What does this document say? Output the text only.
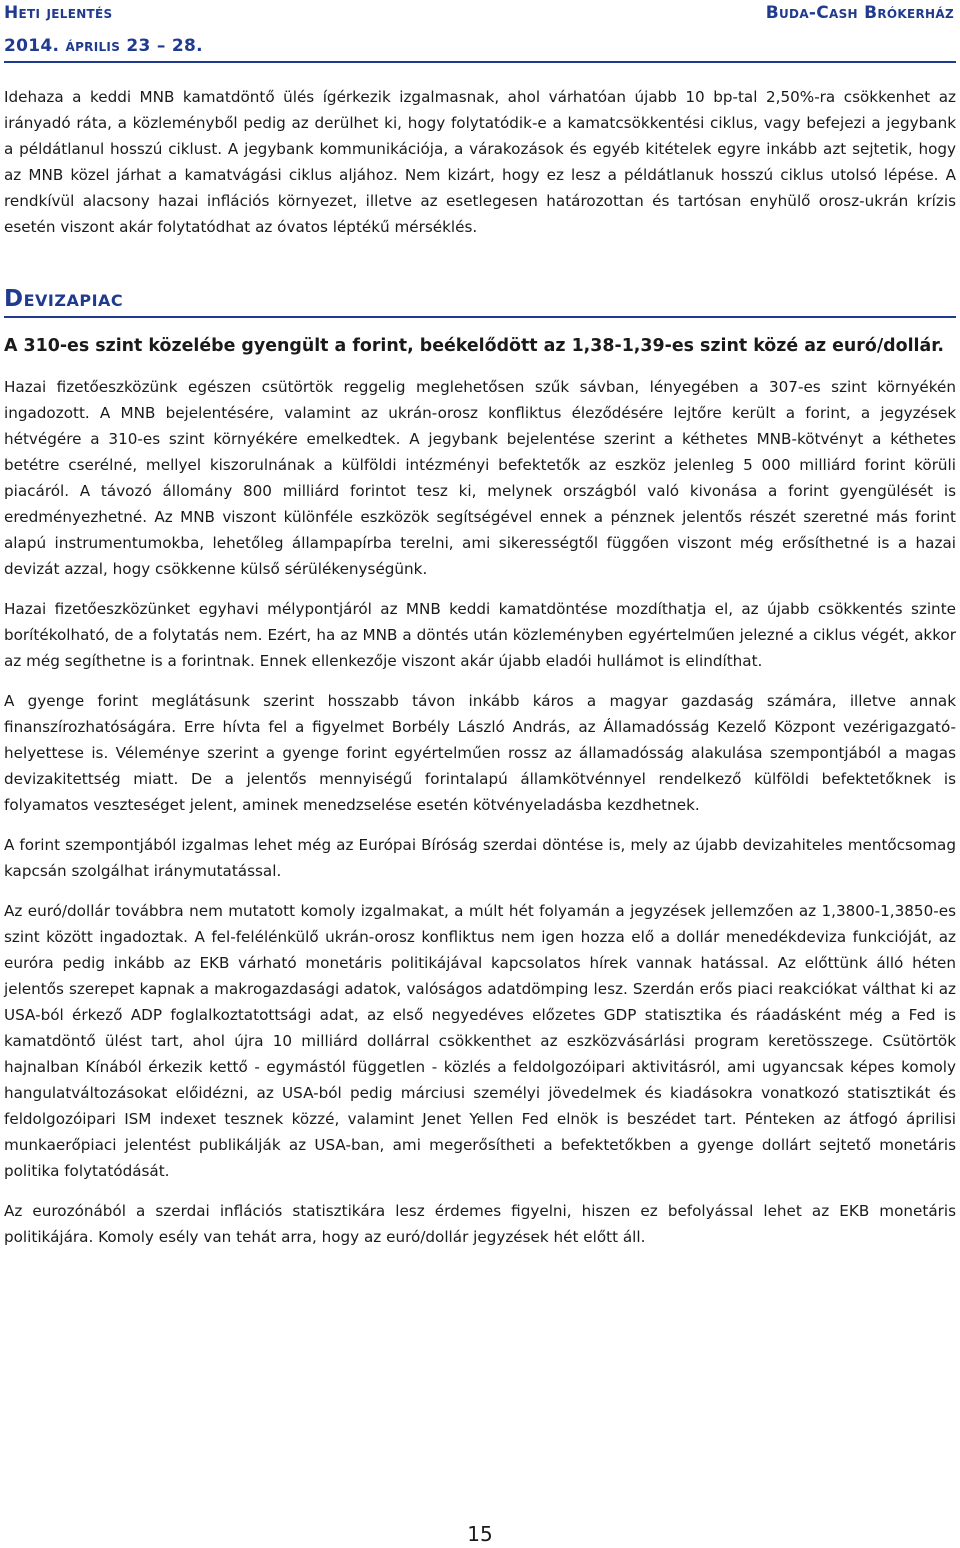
Heti jelentés	Buda-Cash Brókerház
2014. április 23 – 28.

Idehaza a keddi MNB kamatdöntő ülés ígérkezik izgalmasnak, ahol várhatóan újabb 10 bp-tal 2,50%-ra csökkenhet az irányadó ráta, a közleményből pedig az derülhet ki, hogy folytatódik-e a kamatcsökkentési ciklus, vagy befejezi a jegybank a példátlanul hosszú ciklust. A jegybank kommunikációja, a várakozások és egyéb kitételek egyre inkább azt sejtetik, hogy az MNB közel járhat a kamatvágási ciklus aljához. Nem kizárt, hogy ez lesz a példátlanuk hosszú ciklus utolsó lépése. A rendkívül alacsony hazai inflációs környezet, illetve az esetlegesen határozottan és tartósan enyhülő orosz-ukrán krízis esetén viszont akár folytatódhat az óvatos léptékű mérséklés.

Devizapiac

A 310-es szint közelébe gyengült a forint, beékelődött az 1,38-1,39-es szint közé az euró/dollár.

Hazai fizetőeszközünk egészen csütörtök reggelig meglehetősen szűk sávban, lényegében a 307-es szint környékén ingadozott. A MNB bejelentésére, valamint az ukrán-orosz konfliktus éleződésére lejtőre került a forint, a jegyzések hétvégére a 310-es szint környékére emelkedtek. A jegybank bejelentése szerint a kéthetes MNB-kötvényt a kéthetes betétre cserélné, mellyel kiszorulnának a külföldi intézményi befektetők az eszköz jelenleg 5 000 milliárd forint körüli piacáról. A távozó állomány 800 milliárd forintot tesz ki, melynek országból való kivonása a forint gyengülését is eredményezhetné. Az MNB viszont különféle eszközök segítségével ennek a pénznek jelentős részét szeretné más forint alapú instrumentumokba, lehetőleg állampapírba terelni, ami sikerességtől függően viszont még erősíthetné is a hazai devizát azzal, hogy csökkenne külső sérülékenységünk.

Hazai fizetőeszközünket egyhavi mélypontjáról az MNB keddi kamatdöntése mozdíthatja el, az újabb csökkentés szinte borítékolható, de a folytatás nem. Ezért, ha az MNB a döntés után közleményben egyértelműen jelezné a ciklus végét, akkor az még segíthetne is a forintnak. Ennek ellenkezője viszont akár újabb eladói hullámot is elindíthat.

A gyenge forint meglátásunk szerint hosszabb távon inkább káros a magyar gazdaság számára, illetve annak finanszírozhatóságára. Erre hívta fel a figyelmet Borbély László András, az Államadósság Kezelő Központ vezérigazgató-helyettese is. Véleménye szerint a gyenge forint egyértelműen rossz az államadósság alakulása szempontjából a magas devizakitettség miatt. De a jelentős mennyiségű forintalapú államkötvénnyel rendelkező külföldi befektetőknek is folyamatos veszteséget jelent, aminek menedzselése esetén kötvényeladásba kezdhetnek.

A forint szempontjából izgalmas lehet még az Európai Bíróság szerdai döntése is, mely az újabb devizahiteles mentőcsomag kapcsán szolgálhat iránymutatással.

Az euró/dollár továbbra nem mutatott komoly izgalmakat, a múlt hét folyamán a jegyzések jellemzően az 1,3800-1,3850-es szint között ingadoztak. A fel-felélénkülő ukrán-orosz konfliktus nem igen hozza elő a dollár menedékdeviza funkcióját, az euróra pedig inkább az EKB várható monetáris politikájával kapcsolatos hírek vannak hatással. Az előttünk álló héten jelentős szerepet kapnak a makrogazdasági adatok, valóságos adatdömping lesz. Szerdán erős piaci reakciókat válthat ki az USA-ból érkező ADP foglalkoztatottsági adat, az első negyedéves előzetes GDP statisztika és ráadásként még a Fed is kamatdöntő ülést tart, ahol újra 10 milliárd dollárral csökkenthet az eszközvásárlási program keretösszege. Csütörtök hajnalban Kínából érkezik kettő - egymástól független - közlés a feldolgozóipari aktivitásról, ami ugyancsak képes komoly hangulatváltozásokat előidézni, az USA-ból pedig márciusi személyi jövedelmek és kiadásokra vonatkozó statisztikát és feldolgozóipari ISM indexet tesznek közzé, valamint Jenet Yellen Fed elnök is beszédet tart. Pénteken az átfogó áprilisi munkaerőpiaci jelentést publikálják az USA-ban, ami megerősítheti a befektetőkben a gyenge dollárt sejtető monetáris politika folytatódását.

Az eurozónából a szerdai inflációs statisztikára lesz érdemes figyelni, hiszen ez befolyással lehet az EKB monetáris politikájára. Komoly esély van tehát arra, hogy az euró/dollár jegyzések hét előtt áll.

15
